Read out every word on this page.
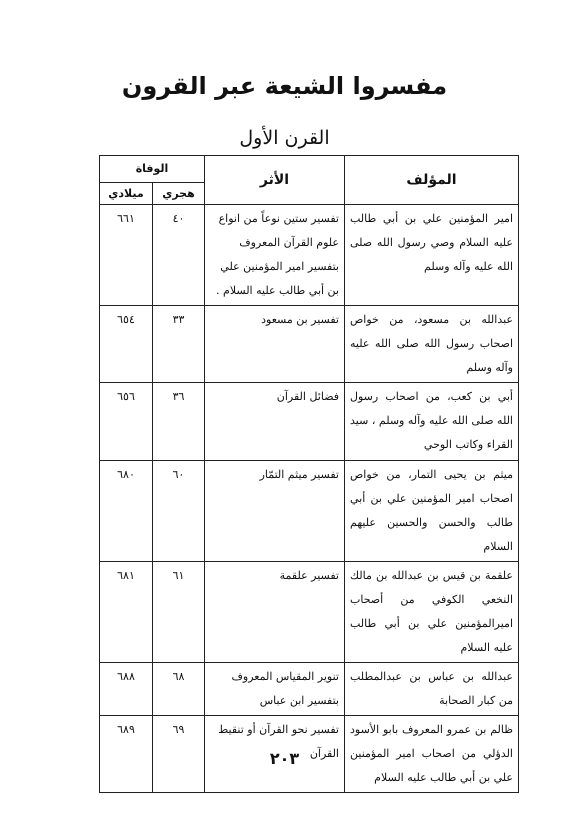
مفسروا الشيعة عبر القرون
القرن الأول
المؤلف	الأثر	الوفاة	
		هجري	ميلادي
امير المؤمنين علي بن أبي طالب عليه السلام وصي رسول الله صلى الله عليه وآله وسلم	تفسير ستين نوعاً من انواع علوم القرآن المعروف بتفسير امير المؤمنين علي بن أبي طالب عليه السلام .	٤٠	٦٦١
عبدالله بن مسعود، من خواص اصحاب رسول الله صلى الله عليه وآله وسلم	تفسير بن مسعود	٣٣	٦٥٤
أبي بن كعب، من اصحاب رسول الله صلى الله عليه وآله وسلم ، سيد القراء وكاتب الوحي	فضائل القرآن	٣٦	٦٥٦
ميثم بن يحيى التمار، من خواص اصحاب امير المؤمنين علي بن أبي طالب والحسن والحسين عليهم السلام	تفسير ميثم التمّار	٦٠	٦٨٠
علقمة بن قيس بن عبدالله بن مالك النخعي الكوفي من أصحاب اميرالمؤمنين علي بن أبي طالب عليه السلام	تفسير علقمة	٦١	٦٨١
عبدالله بن عباس بن عبدالمطلب من كبار الصحابة	تنوير المقياس المعروف بتفسير ابن عباس	٦٨	٦٨٨
ظالم بن عمرو المعروف بابو الأسود الدؤلي من اصحاب امير المؤمنين علي بن أبي طالب عليه السلام	تفسير نحو القرآن أو تنقيط القرآن	٦٩	٦٨٩
٢٠٣
